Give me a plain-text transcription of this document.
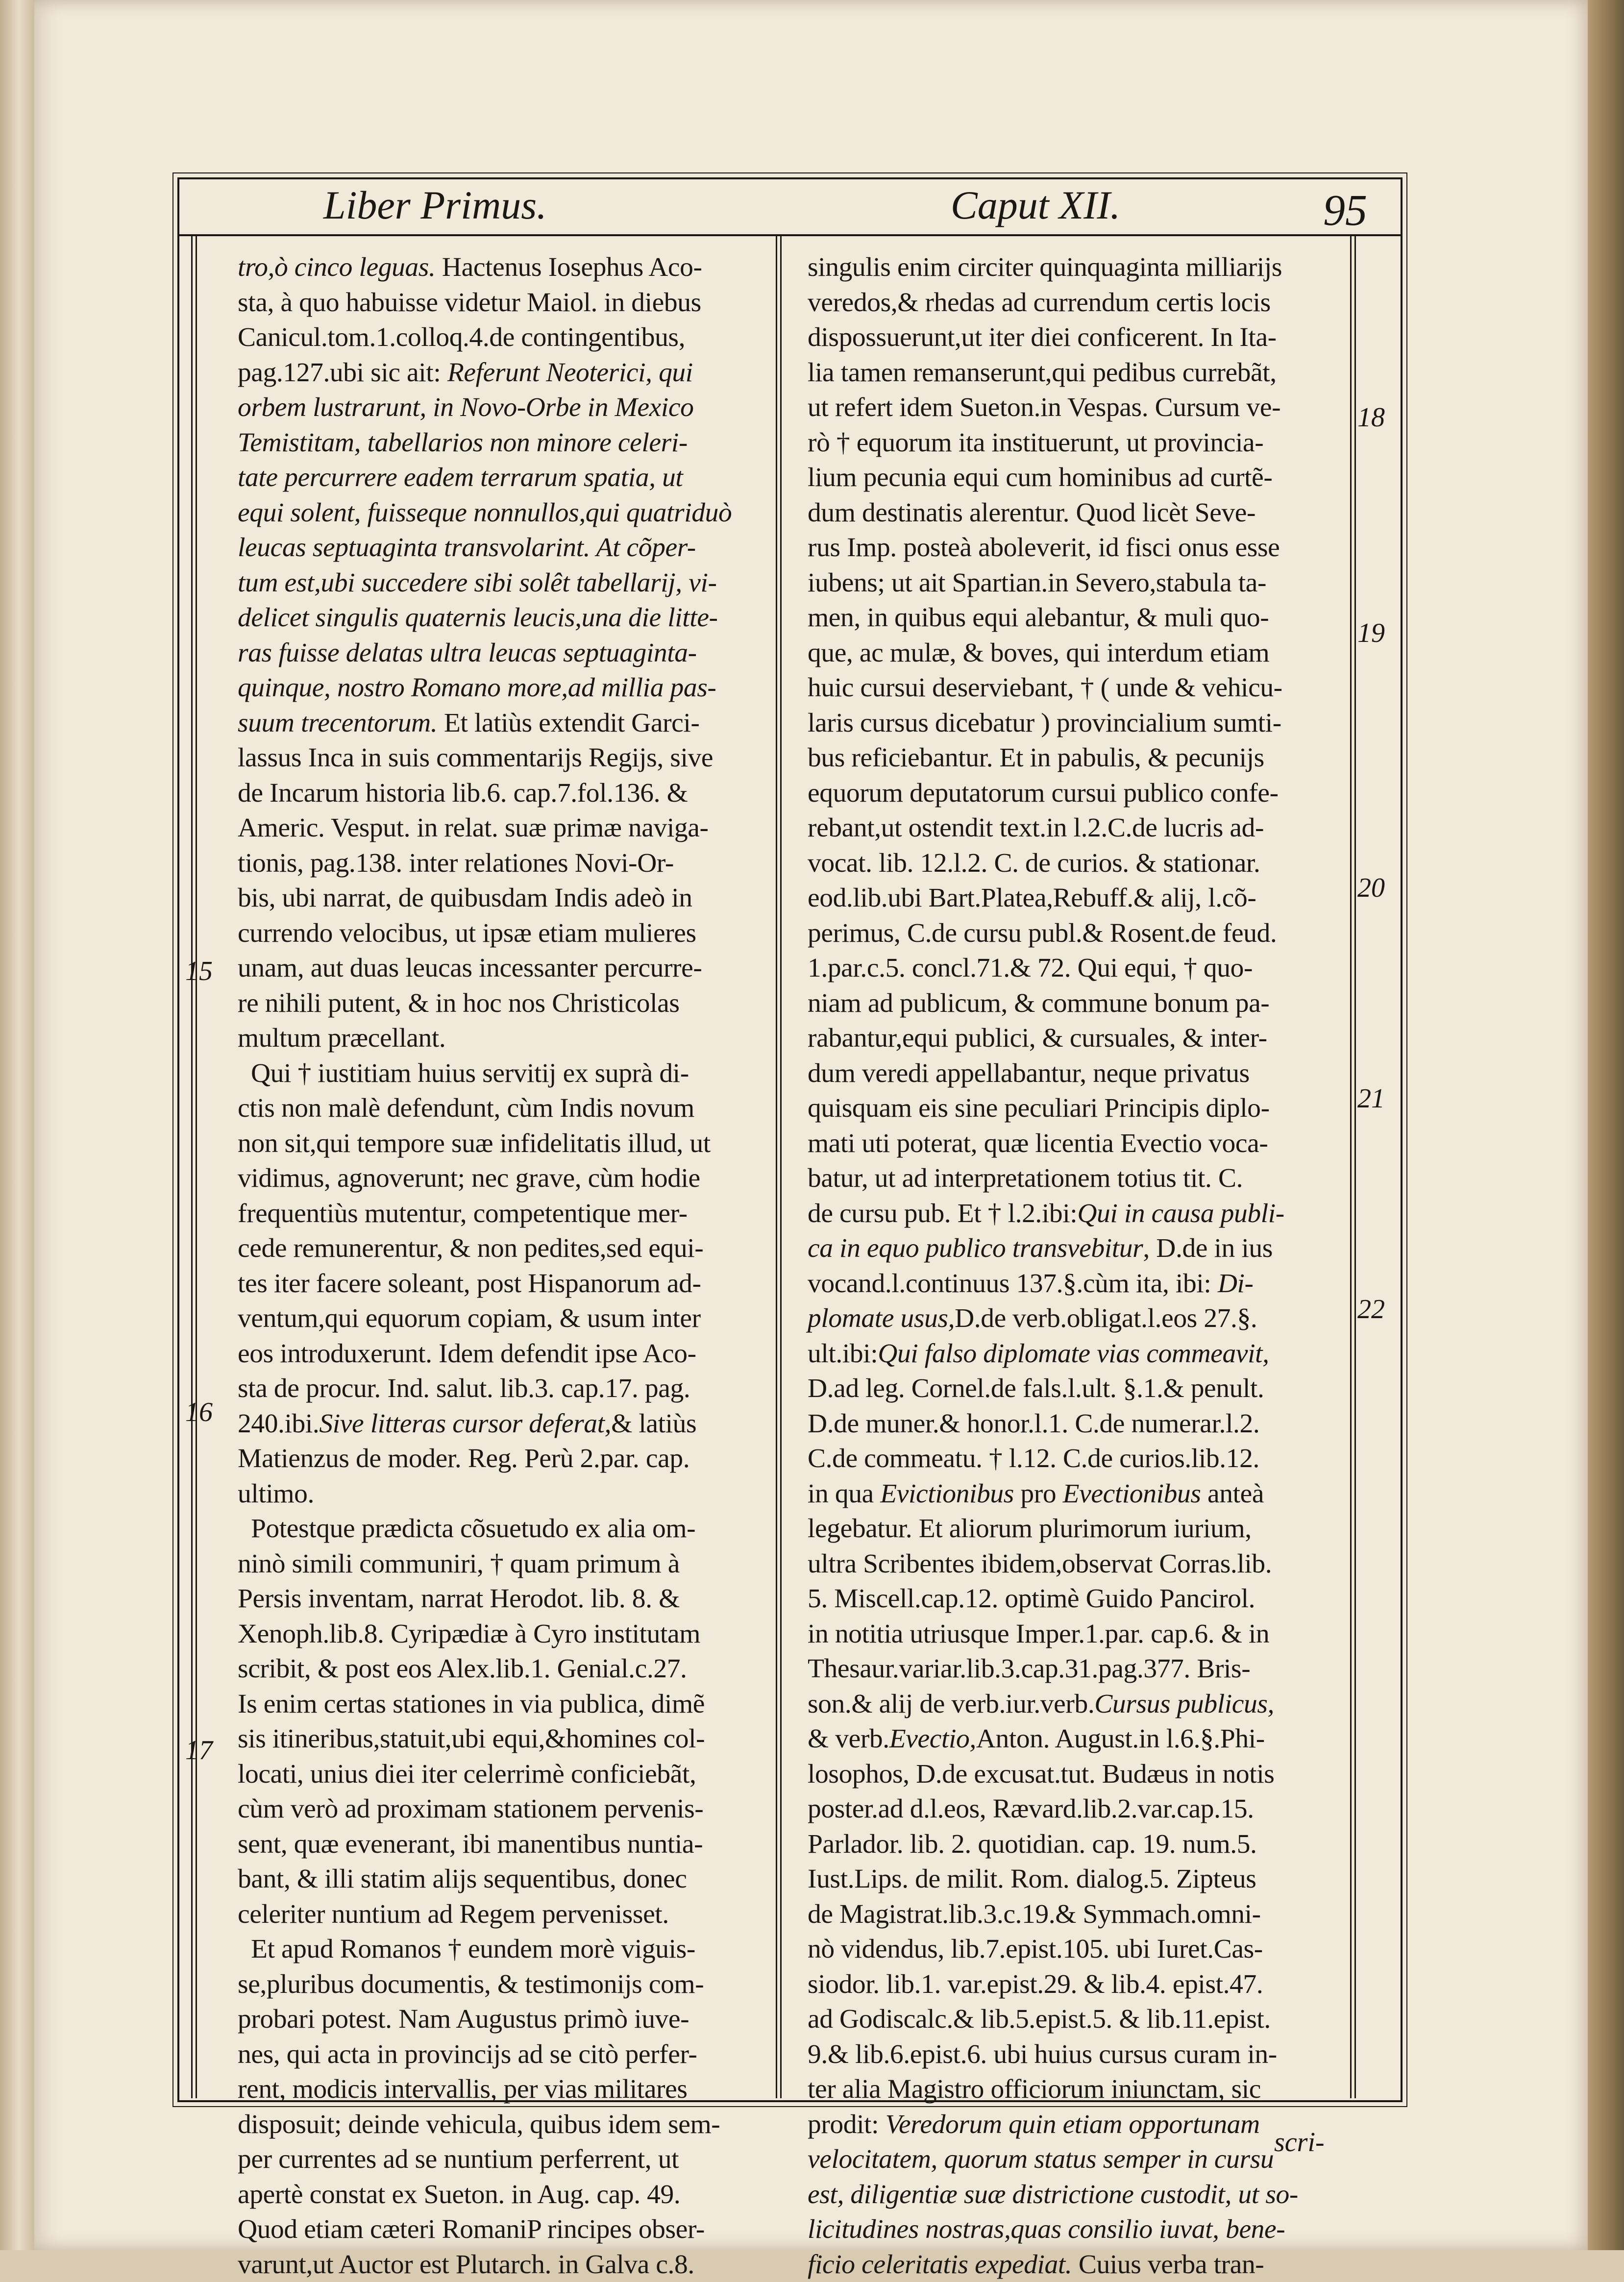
Liber Primus.	Caput XII.	95
tro,ò cinco leguas. Hactenus Iosephus Aco-
sta, à quo habuisse videtur Maiol. in diebus
Canicul.tom.1.colloq.4.de contingentibus,
pag.127.ubi sic ait: Referunt Neoterici, qui
orbem lustrarunt, in Novo-Orbe in Mexico
Temistitam, tabellarios non minore celeri-
tate percurrere eadem terrarum spatia, ut
equi solent, fuisseque nonnullos,qui quatriduò
leucas septuaginta transvolarint. At cõper-
tum est,ubi succedere sibi solêt tabellarij, vi-
delicet singulis quaternis leucis,una die litte-
ras fuisse delatas ultra leucas septuaginta-
quinque, nostro Romano more,ad millia pas-
suum trecentorum. Et latiùs extendit Garci-
lassus Inca in suis commentarijs Regijs, sive
de Incarum historia lib.6. cap.7.fol.136. &
Americ. Vesput. in relat. suæ primæ naviga-
tionis, pag.138. inter relationes Novi-Or-
bis, ubi narrat, de quibusdam Indis adeò in
currendo velocibus, ut ipsæ etiam mulieres
unam, aut duas leucas incessanter percurre-
re nihili putent, & in hoc nos Christicolas
multum præcellant.
Qui † iustitiam huius servitij ex suprà di-
ctis non malè defendunt, cùm Indis novum
non sit,qui tempore suæ infidelitatis illud, ut
vidimus, agnoverunt; nec grave, cùm hodie
frequentiùs mutentur, competentique mer-
cede remunerentur, & non pedites,sed equi-
tes iter facere soleant, post Hispanorum ad-
ventum,qui equorum copiam, & usum inter
eos introduxerunt. Idem defendit ipse Aco-
sta de procur. Ind. salut. lib.3. cap.17. pag.
240.ibi.Sive litteras cursor deferat,& latiùs
Matienzus de moder. Reg. Perù 2.par. cap.
ultimo.
Potestque prædicta cõsuetudo ex alia om-
ninò simili communiri, † quam primum à
Persis inventam, narrat Herodot. lib. 8. &
Xenoph.lib.8. Cyripædiæ à Cyro institutam
scribit, & post eos Alex.lib.1. Genial.c.27.
Is enim certas stationes in via publica, dimẽ
sis itineribus,statuit,ubi equi,&homines col-
locati, unius diei iter celerrimè conficiebãt,
cùm verò ad proximam stationem pervenis-
sent, quæ evenerant, ibi manentibus nuntia-
bant, & illi statim alijs sequentibus, donec
celeriter nuntium ad Regem pervenisset.
Et apud Romanos † eundem morè viguis-
se,pluribus documentis, & testimonijs com-
probari potest. Nam Augustus primò iuve-
nes, qui acta in provincijs ad se citò perfer-
rent, modicis intervallis, per vias militares
disposuit; deinde vehicula, quibus idem sem-
per currentes ad se nuntium perferrent, ut
apertè constat ex Sueton. in Aug. cap. 49.
Quod etiam cæteri RomaniP rincipes obser-
varunt,ut Auctor est Plutarch. in Galva c.8.
singulis enim circiter quinquaginta milliarijs
veredos,& rhedas ad currendum certis locis
dispossuerunt,ut iter diei conficerent. In Ita-
lia tamen remanserunt,qui pedibus currebãt,
ut refert idem Sueton.in Vespas. Cursum ve-
rò † equorum ita instituerunt, ut provincia-
lium pecunia equi cum hominibus ad curtẽ-
dum destinatis alerentur. Quod licèt Seve-
rus Imp. posteà aboleverit, id fisci onus esse
iubens; ut ait Spartian.in Severo,stabula ta-
men, in quibus equi alebantur, & muli quo-
que, ac mulæ, & boves, qui interdum etiam
huic cursui deserviebant, † ( unde & vehicu-
laris cursus dicebatur ) provincialium sumti-
bus reficiebantur. Et in pabulis, & pecunijs
equorum deputatorum cursui publico confe-
rebant,ut ostendit text.in l.2.C.de lucris ad-
vocat. lib. 12.l.2. C. de curios. & stationar.
eod.lib.ubi Bart.Platea,Rebuff.& alij, l.cõ-
perimus, C.de cursu publ.& Rosent.de feud.
1.par.c.5. concl.71.& 72. Qui equi, † quo-
niam ad publicum, & commune bonum pa-
rabantur,equi publici, & cursuales, & inter-
dum veredi appellabantur, neque privatus
quisquam eis sine peculiari Principis diplo-
mati uti poterat, quæ licentia Evectio voca-
batur, ut ad interpretationem totius tit. C.
de cursu pub. Et † l.2.ibi:Qui in causa publi-
ca in equo publico transvebitur, D.de in ius
vocand.l.continuus 137.§.cùm ita, ibi: Di-
plomate usus,D.de verb.obligat.l.eos 27.§.
ult.ibi:Qui falso diplomate vias commeavit,
D.ad leg. Cornel.de fals.l.ult. §.1.& penult.
D.de muner.& honor.l.1. C.de numerar.l.2.
C.de commeatu. † l.12. C.de curios.lib.12.
in qua Evictionibus pro Evectionibus anteà
legebatur. Et aliorum plurimorum iurium,
ultra Scribentes ibidem,observat Corras.lib.
5. Miscell.cap.12. optimè Guido Pancirol.
in notitia utriusque Imper.1.par. cap.6. & in
Thesaur.variar.lib.3.cap.31.pag.377. Bris-
son.& alij de verb.iur.verb.Cursus publicus,
& verb.Evectio,Anton. August.in l.6.§.Phi-
losophos, D.de excusat.tut. Budæus in notis
poster.ad d.l.eos, Rævard.lib.2.var.cap.15.
Parlador. lib. 2. quotidian. cap. 19. num.5.
Iust.Lips. de milit. Rom. dialog.5. Zipteus
de Magistrat.lib.3.c.19.& Symmach.omni-
nò videndus, lib.7.epist.105. ubi Iuret.Cas-
siodor. lib.1. var.epist.29. & lib.4. epist.47.
ad Godiscalc.& lib.5.epist.5. & lib.11.epist.
9.& lib.6.epist.6. ubi huius cursus curam in-
ter alia Magistro officiorum iniunctam, sic
prodit: Veredorum quin etiam opportunam
velocitatem, quorum status semper in cursu
est, diligentiæ suæ districtione custodit, ut so-
licitudines nostras,quas consilio iuvat, bene-
ficio celeritatis expediat. Cuius verba tran-
15
16
17
18
19
20
21
22
scri-
